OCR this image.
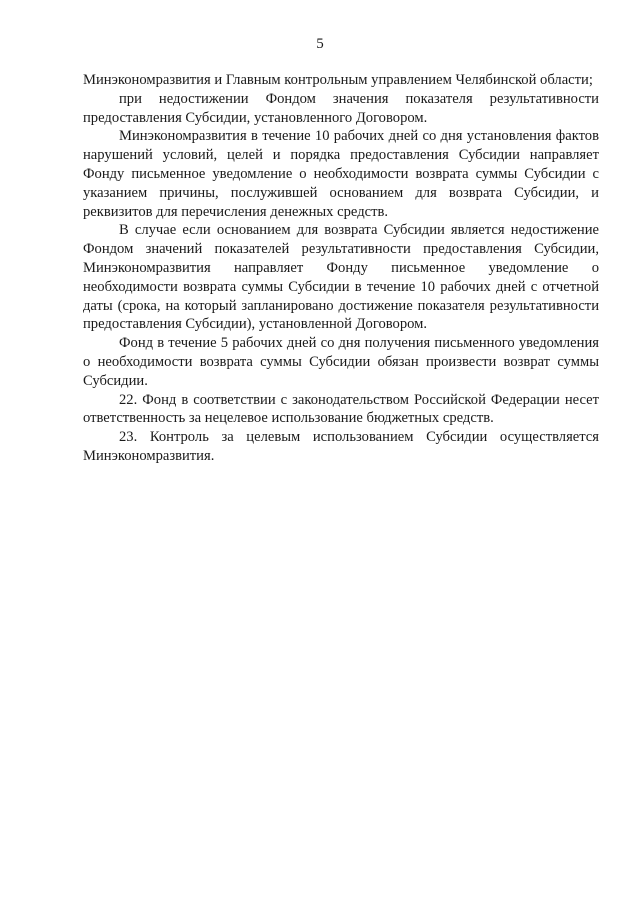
5

Минэкономразвития и Главным контрольным управлением Челябинской области;

при недостижении Фондом значения показателя результативности предоставления Субсидии, установленного Договором.

Минэкономразвития в течение 10 рабочих дней со дня установления фактов нарушений условий, целей и порядка предоставления Субсидии направляет Фонду письменное уведомление о необходимости возврата суммы Субсидии с указанием причины, послужившей основанием для возврата Субсидии, и реквизитов для перечисления денежных средств.

В случае если основанием для возврата Субсидии является недостижение Фондом значений показателей результативности предоставления Субсидии, Минэкономразвития направляет Фонду письменное уведомление о необходимости возврата суммы Субсидии в течение 10 рабочих дней с отчетной даты (срока, на который запланировано достижение показателя результативности предоставления Субсидии), установленной Договором.

Фонд в течение 5 рабочих дней со дня получения письменного уведомления о необходимости возврата суммы Субсидии обязан произвести возврат суммы Субсидии.

22. Фонд в соответствии с законодательством Российской Федерации несет ответственность за нецелевое использование бюджетных средств.

23. Контроль за целевым использованием Субсидии осуществляется Минэкономразвития.
